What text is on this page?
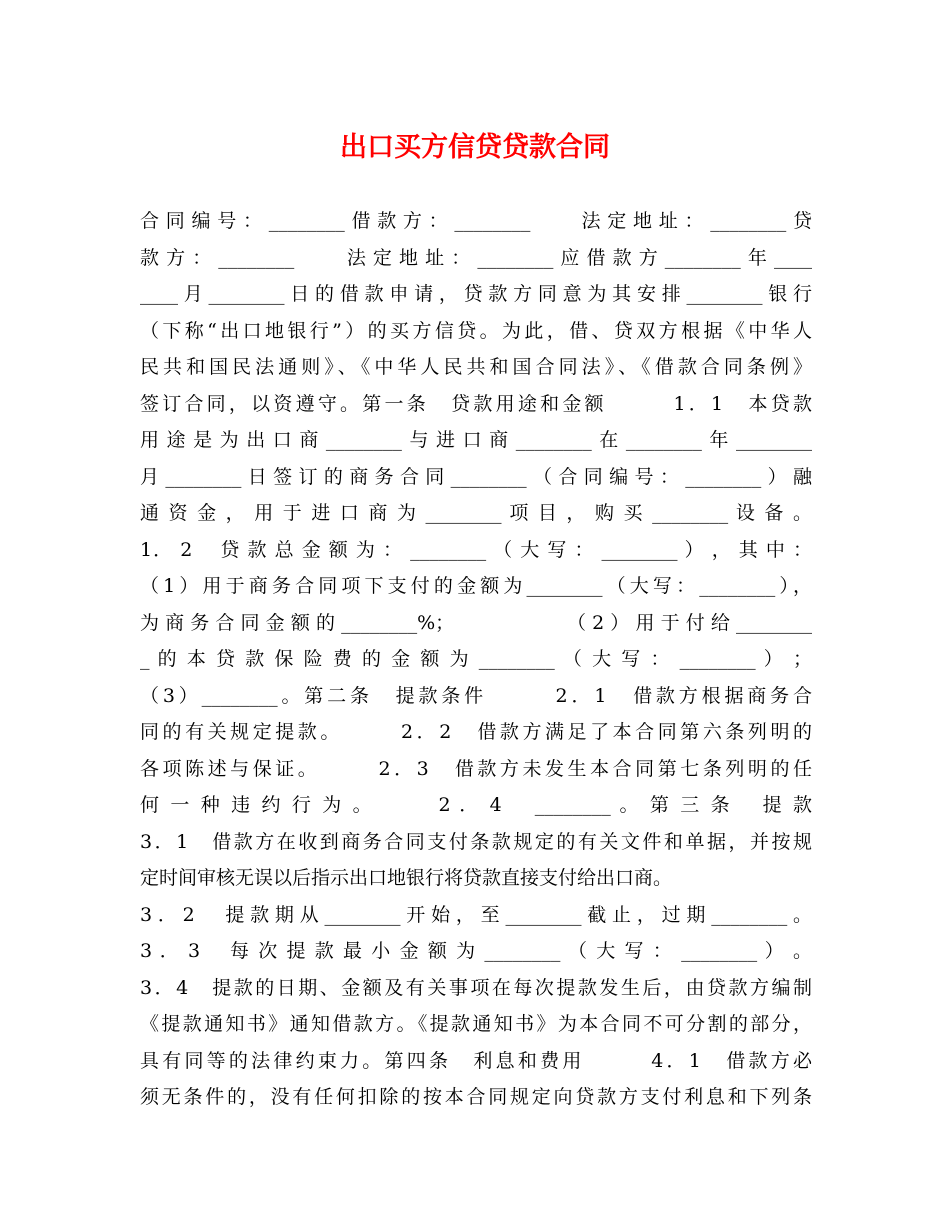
出口买方信贷贷款合同
合同编号：________借款方：________    法定地址：________贷
款方：________    法定地址：________应借款方________年____
____月________日的借款申请，贷款方同意为其安排________银行
（下称“出口地银行”）的买方信贷。为此，借、贷双方根据《中华人
民共和国民法通则》、《中华人民共和国合同法》、《借款合同条例》
签订合同，以资遵守。第一条　贷款用途和金额　　　1．1　本贷款
用途是为出口商________与进口商________在________年________
月________日签订的商务合同________（合同编号：________）融
通 资 金 ， 用 于 进 口 商 为 ________ 项 目 ， 购 买 ________ 设 备 。
1． 2　 贷 款 总 金 额 为 ： ________ （ 大 写 ： ________ ） ， 其 中 ：
（1）用于商务合同项下支付的金额为________（大写：________），
为商务合同金额的________%；　　　　　（2）用于付给________
_ 的 本 贷 款 保 险 费 的 金 额 为 ________ （ 大 写 ： ________ ） ；
（3）________。第二条　提款条件　　　2．1　借款方根据商务合
同的有关规定提款。　　　2．2　借款方满足了本合同第六条列明的
各项陈述与保证。　　　2．3　借款方未发生本合同第七条列明的任
何 一 种 违 约 行 为 。　　　 2 ． 4　 ________ 。 第 三 条　 提 款
3．1　借款方在收到商务合同支付条款规定的有关文件和单据，并按规
定时间审核无误以后指示出口地银行将贷款直接支付给出口商。
3．2　提款期从________开始，至________截止，过期________。
3 ． 3　 每 次 提 款 最 小 金 额 为 ________ （ 大 写 ： ________ ） 。
3．4　提款的日期、金额及有关事项在每次提款发生后，由贷款方编制
《提款通知书》通知借款方。《提款通知书》为本合同不可分割的部分，
具有同等的法律约束力。第四条　利息和费用　　　4．1　借款方必
须无条件的，没有任何扣除的按本合同规定向贷款方支付利息和下列条
